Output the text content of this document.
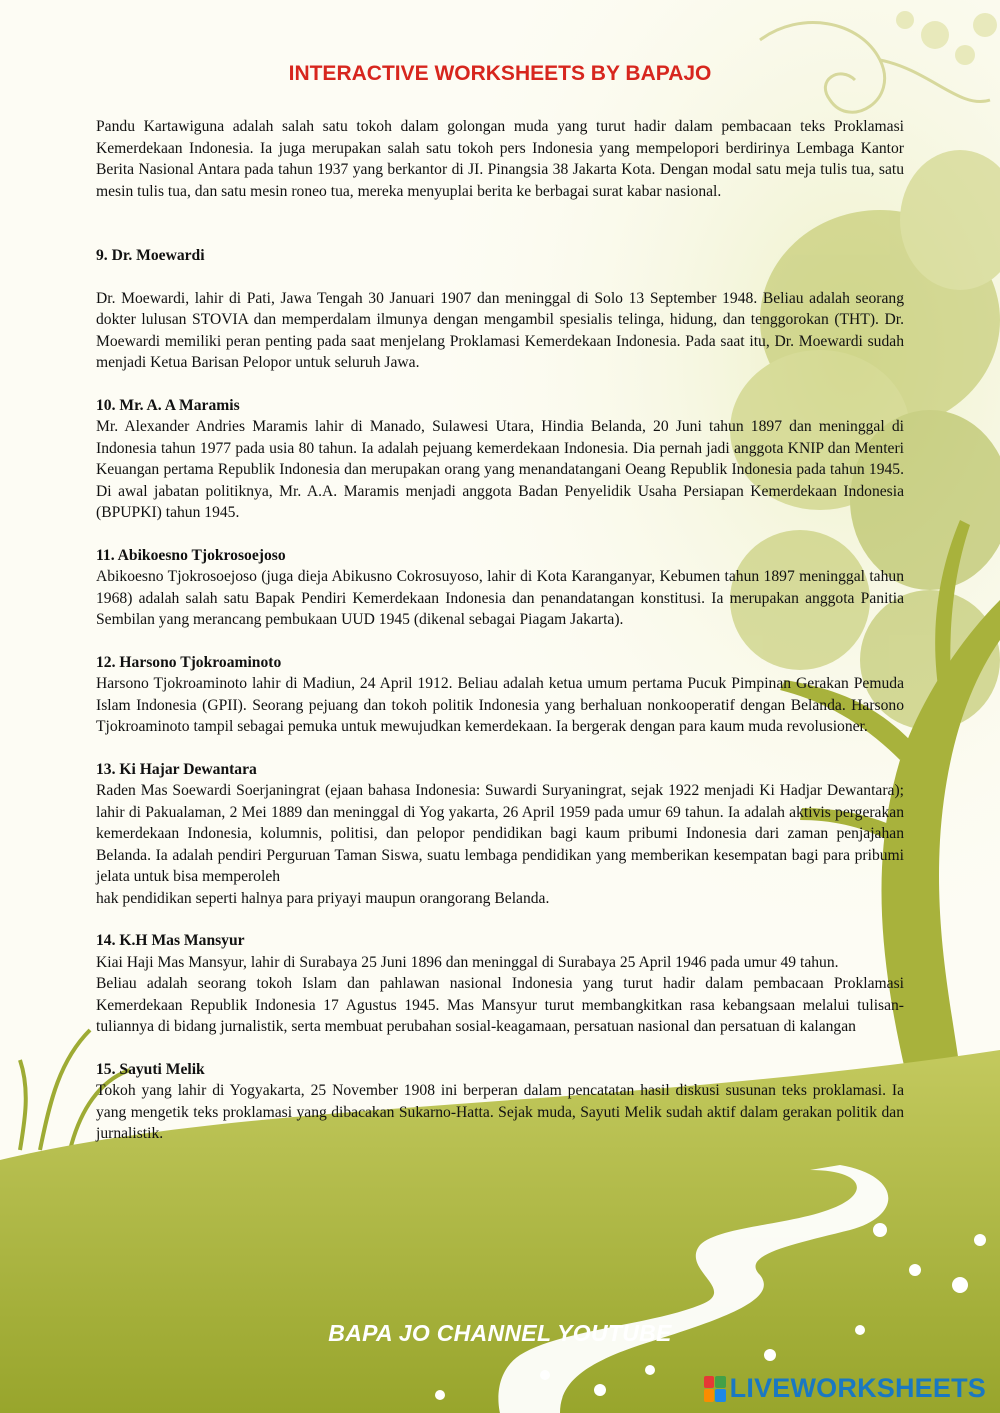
INTERACTIVE WORKSHEETS BY BAPAJO

Pandu Kartawiguna adalah salah satu tokoh dalam golongan muda yang turut hadir dalam pembacaan teks Proklamasi Kemerdekaan Indonesia. Ia juga merupakan salah satu tokoh pers Indonesia yang mempelopori berdirinya Lembaga Kantor Berita Nasional Antara pada tahun 1937 yang berkantor di JI. Pinangsia 38 Jakarta Kota. Dengan modal satu meja tulis tua, satu mesin tulis tua, dan satu mesin roneo tua, mereka menyuplai berita ke berbagai surat kabar nasional.

9. Dr. Moewardi

Dr. Moewardi, lahir di Pati, Jawa Tengah 30 Januari 1907 dan meninggal di Solo 13 September 1948. Beliau adalah seorang dokter lulusan STOVIA dan memperdalam ilmunya dengan mengambil spesialis telinga, hidung, dan tenggorokan (THT). Dr. Moewardi memiliki peran penting pada saat menjelang Proklamasi Kemerdekaan Indonesia. Pada saat itu, Dr. Moewardi sudah menjadi Ketua Barisan Pelopor untuk seluruh Jawa.

10. Mr. A. A Maramis

Mr. Alexander Andries Maramis lahir di Manado, Sulawesi Utara, Hindia Belanda, 20 Juni tahun 1897 dan meninggal di Indonesia tahun 1977 pada usia 80 tahun. Ia adalah pejuang kemerdekaan Indonesia. Dia pernah jadi anggota KNIP dan Menteri Keuangan pertama Republik Indonesia dan merupakan orang yang menandatangani Oeang Republik Indonesia pada tahun 1945. Di awal jabatan politiknya, Mr. A.A. Maramis menjadi anggota Badan Penyelidik Usaha Persiapan Kemerdekaan Indonesia (BPUPKI) tahun 1945.

11. Abikoesno Tjokrosoejoso

Abikoesno Tjokrosoejoso (juga dieja Abikusno Cokrosuyoso, lahir di Kota Karanganyar, Kebumen tahun 1897 meninggal tahun 1968) adalah salah satu Bapak Pendiri Kemerdekaan Indonesia dan penandatangan konstitusi. Ia merupakan anggota Panitia Sembilan yang merancang pembukaan UUD 1945 (dikenal sebagai Piagam Jakarta).

12. Harsono Tjokroaminoto

Harsono Tjokroaminoto lahir di Madiun, 24 April 1912. Beliau adalah ketua umum pertama Pucuk Pimpinan Gerakan Pemuda Islam Indonesia (GPII). Seorang pejuang dan tokoh politik Indonesia yang berhaluan nonkooperatif dengan Belanda. Harsono Tjokroaminoto tampil sebagai pemuka untuk mewujudkan kemerdekaan. Ia bergerak dengan para kaum muda revolusioner.

13. Ki Hajar Dewantara

Raden Mas Soewardi Soerjaningrat (ejaan bahasa Indonesia: Suwardi Suryaningrat, sejak 1922 menjadi Ki Hadjar Dewantara); lahir di Pakualaman, 2 Mei 1889 dan meninggal di Yog yakarta, 26 April 1959 pada umur 69 tahun. Ia adalah aktivis pergerakan kemerdekaan Indonesia, kolumnis, politisi, dan pelopor pendidikan bagi kaum pribumi Indonesia dari zaman penjajahan Belanda. Ia adalah pendiri Perguruan Taman Siswa, suatu lembaga pendidikan yang memberikan kesempatan bagi para pribumi jelata untuk bisa memperoleh

hak pendidikan seperti halnya para priyayi maupun orangorang Belanda.

14. K.H Mas Mansyur

Kiai Haji Mas Mansyur, lahir di Surabaya 25 Juni 1896 dan meninggal di Surabaya 25 April 1946 pada umur 49 tahun.

Beliau adalah seorang tokoh Islam dan pahlawan nasional Indonesia yang turut hadir dalam pembacaan Proklamasi Kemerdekaan Republik Indonesia 17 Agustus 1945. Mas Mansyur turut membangkitkan rasa kebangsaan melalui tulisan-tuliannya di bidang jurnalistik, serta membuat perubahan sosial-keagamaan, persatuan nasional dan persatuan di kalangan

15. Sayuti Melik

Tokoh yang lahir di Yogyakarta, 25 November 1908 ini berperan dalam pencatatan hasil diskusi susunan teks proklamasi. Ia yang mengetik teks proklamasi yang dibacakan Sukarno-Hatta. Sejak muda, Sayuti Melik sudah aktif dalam gerakan politik dan jurnalistik.

BAPA JO CHANNEL YOUTUBE
LIVEWORKSHEETS
